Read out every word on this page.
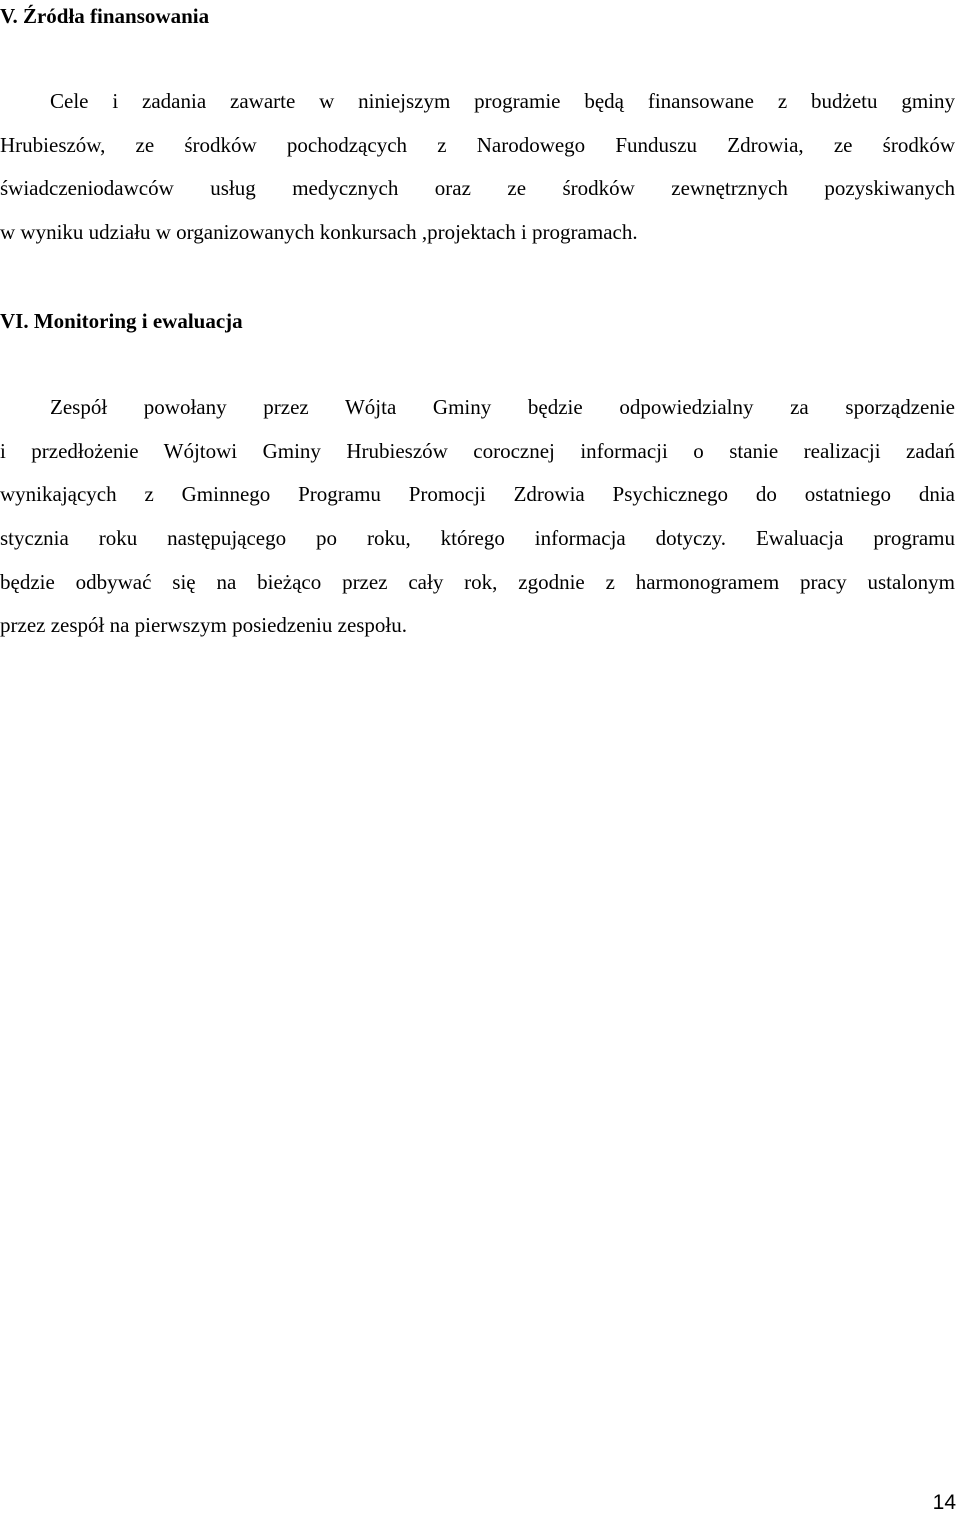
V. Źródła finansowania
Cele i zadania zawarte w niniejszym programie będą finansowane z budżetu gminy
Hrubieszów, ze środków pochodzących z Narodowego Funduszu Zdrowia, ze środków
świadczeniodawców usług medycznych oraz ze środków zewnętrznych pozyskiwanych
w wyniku udziału w organizowanych konkursach ,projektach i programach.
VI. Monitoring i ewaluacja
Zespół powołany przez Wójta Gminy będzie odpowiedzialny za sporządzenie
i przedłożenie Wójtowi Gminy Hrubieszów corocznej informacji o stanie realizacji zadań
wynikających z Gminnego Programu Promocji Zdrowia Psychicznego do ostatniego dnia
stycznia roku następującego po roku, którego informacja dotyczy. Ewaluacja programu
będzie odbywać się na bieżąco przez cały rok, zgodnie z harmonogramem pracy ustalonym
przez zespół na pierwszym posiedzeniu zespołu.
14
